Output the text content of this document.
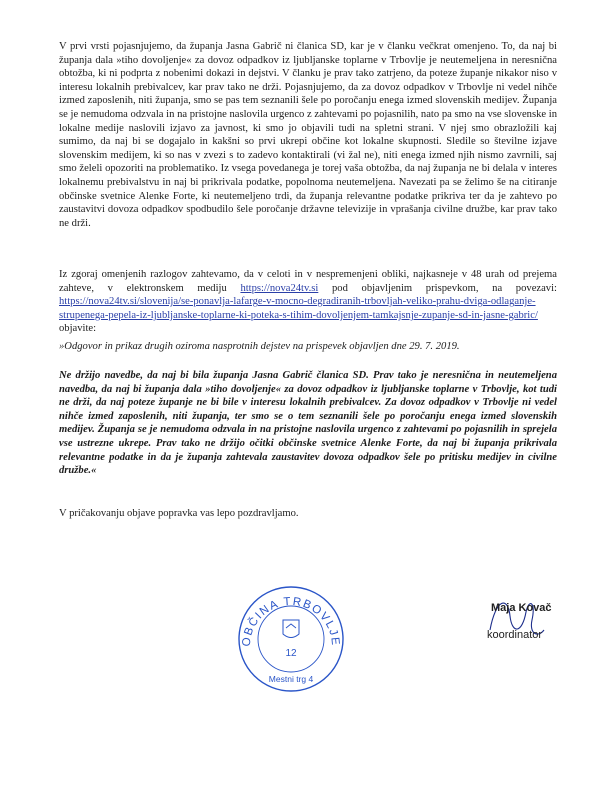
V prvi vrsti pojasnjujemo, da županja Jasna Gabrič ni članica SD, kar je v članku večkrat omenjeno. To, da naj bi županja dala »tiho dovoljenje« za dovoz odpadkov iz ljubljanske toplarne v Trbovlje je neutemeljena in neresnična obtožba, ki ni podprta z nobenimi dokazi in dejstvi. V članku je prav tako zatrjeno, da poteze županje nikakor niso v interesu lokalnih prebivalcev, kar prav tako ne drži. Pojasnjujemo, da za dovoz odpadkov v Trbovlje ni vedel nihče izmed zaposlenih, niti županja, smo se pas tem seznanili šele po poročanju enega izmed slovenskih medijev. Županja se je nemudoma odzvala in na pristojne naslovila urgenco z zahtevami po pojasnilih, nato pa smo na vse slovenske in lokalne medije naslovili izjavo za javnost, ki smo jo objavili tudi na spletni strani. V njej smo obrazložili kaj sumimo, da naj bi se dogajalo in kakšni so prvi ukrepi občine kot lokalne skupnosti. Sledile so številne izjave slovenskim medijem, ki so nas v zvezi s to zadevo kontaktirali (vi žal ne), niti enega izmed njih nismo zavrnili, saj smo želeli opozoriti na problematiko. Iz vsega povedanega je torej vaša obtožba, da naj županja ne bi delala v interes lokalnemu prebivalstvu in naj bi prikrivala podatke, popolnoma neutemeljena. Navezati pa se želimo še na citiranje občinske svetnice Alenke Forte, ki neutemeljeno trdi, da županja relevantne podatke prikriva ter da je zahtevo po zaustavitvi dovoza odpadkov spodbudilo šele poročanje državne televizije in vprašanja civilne družbe, kar prav tako ne drži.

Iz zgoraj omenjenih razlogov zahtevamo, da v celoti in v nespremenjeni obliki, najkasneje v 48 urah od prejema zahteve, v elektronskem mediju https://nova24tv.si pod objavljenim prispevkom, na povezavi: https://nova24tv.si/slovenija/se-ponavlja-lafarge-v-mocno-degradiranih-trbovljah-veliko-prahu-dviga-odlaganje-strupenega-pepela-iz-ljubljanske-toplarne-ki-poteka-s-tihim-dovoljenjem-tamkajsnje-zupanje-sd-in-jasne-gabric/ objavite:

»Odgovor in prikaz drugih oziroma nasprotnih dejstev na prispevek objavljen dne 29. 7. 2019.

Ne držijo navedbe, da naj bi bila županja Jasna Gabrič članica SD. Prav tako je neresnična in neutemeljena navedba, da naj bi županja dala »tiho dovoljenje« za dovoz odpadkov iz ljubljanske toplarne v Trbovlje, kot tudi ne drži, da naj poteze županje ne bi bile v interesu lokalnih prebivalcev. Za dovoz odpadkov v Trbovlje ni vedel nihče izmed zaposlenih, niti županja, ter smo se o tem seznanili šele po poročanju enega izmed slovenskih medijev. Županja se je nemudoma odzvala in na pristojne naslovila urgenco z zahtevami po pojasnilih in sprejela vse ustrezne ukrepe. Prav tako ne držijo očitki občinske svetnice Alenke Forte, da naj bi županja prikrivala relevantne podatke in da je županja zahtevala zaustavitev dovoza odpadkov šele po pritisku medijev in civilne družbe.«

V pričakovanju objave popravka vas lepo pozdravljamo.

OBČINA TRBOVLJE
12
Mestni trg 4
Maja Kovač
koordinator
